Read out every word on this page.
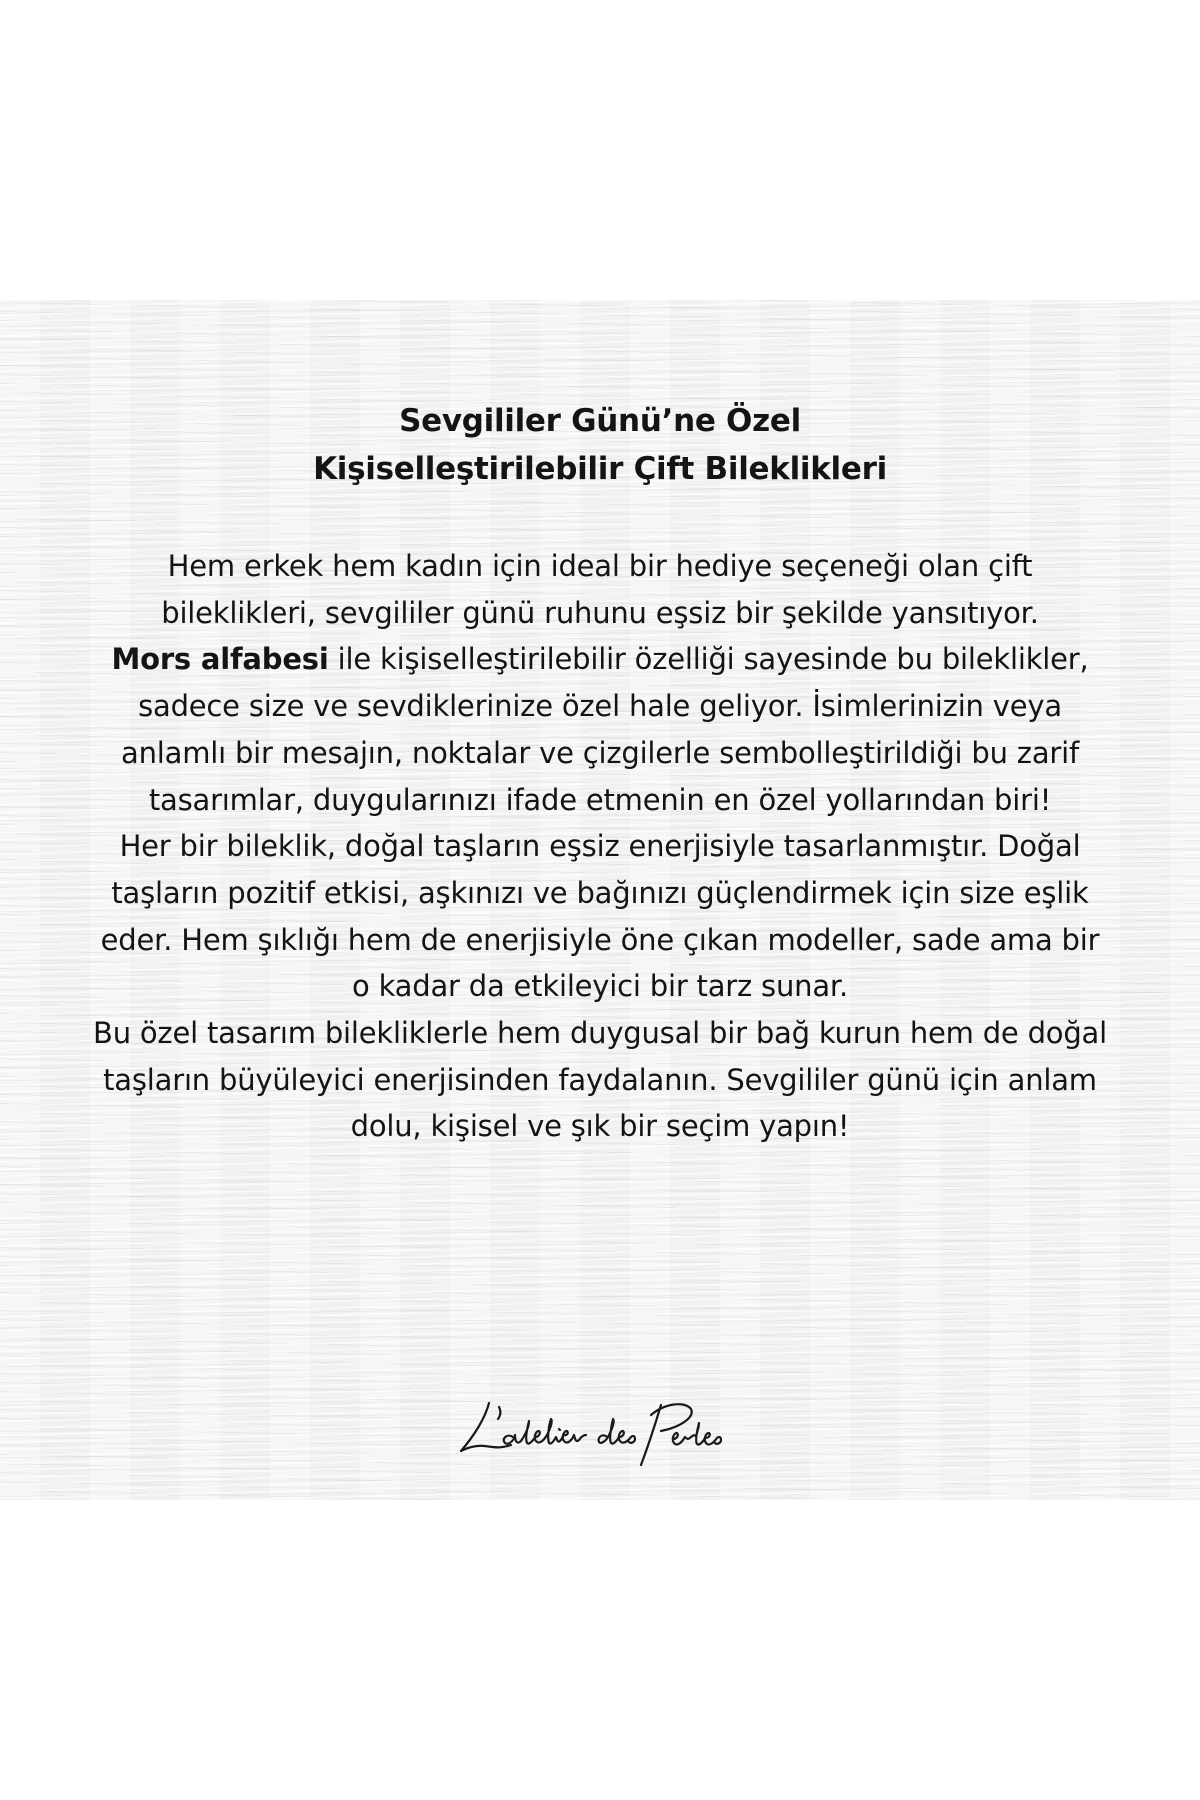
Sevgililer Günü’ne Özel
Kişiselleştirilebilir Çift Bileklikleri

Hem erkek hem kadın için ideal bir hediye seçeneği olan çift bileklikleri, sevgililer günü ruhunu eşsiz bir şekilde yansıtıyor.
Mors alfabesi ile kişiselleştirilebilir özelliği sayesinde bu bileklikler, sadece size ve sevdiklerinize özel hale geliyor. İsimlerinizin veya anlamlı bir mesajın, noktalar ve çizgilerle sembolleştirildiği bu zarif tasarımlar, duygularınızı ifade etmenin en özel yollarından biri!
Her bir bileklik, doğal taşların eşsiz enerjisiyle tasarlanmıştır. Doğal taşların pozitif etkisi, aşkınızı ve bağınızı güçlendirmek için size eşlik eder. Hem şıklığı hem de enerjisiyle öne çıkan modeller, sade ama bir o kadar da etkileyici bir tarz sunar.
Bu özel tasarım bilekliklerle hem duygusal bir bağ kurun hem de doğal taşların büyüleyici enerjisinden faydalanın. Sevgililer günü için anlam dolu, kişisel ve şık bir seçim yapın!
